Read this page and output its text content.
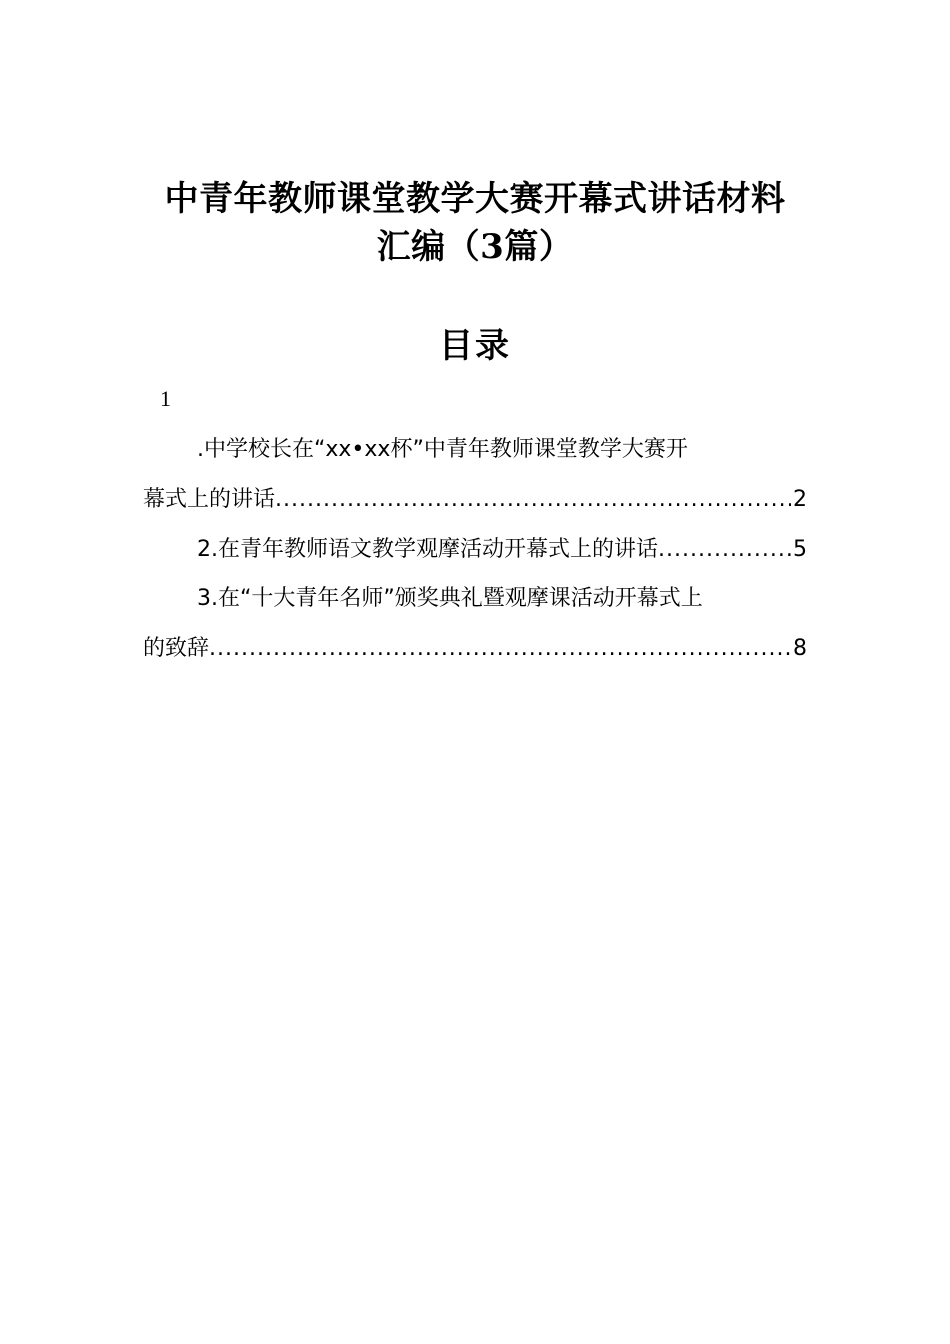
中青年教师课堂教学大赛开幕式讲话材料
汇编（3篇）
目录
1
.中学校长在“xx•xx杯”中青年教师课堂教学大赛开
幕式上的讲话 .....	2
2.在青年教师语文教学观摩活动开幕式上的讲话 .....	5
3.在“十大青年名师”颁奖典礼暨观摩课活动开幕式上
的致辞 .....	8
